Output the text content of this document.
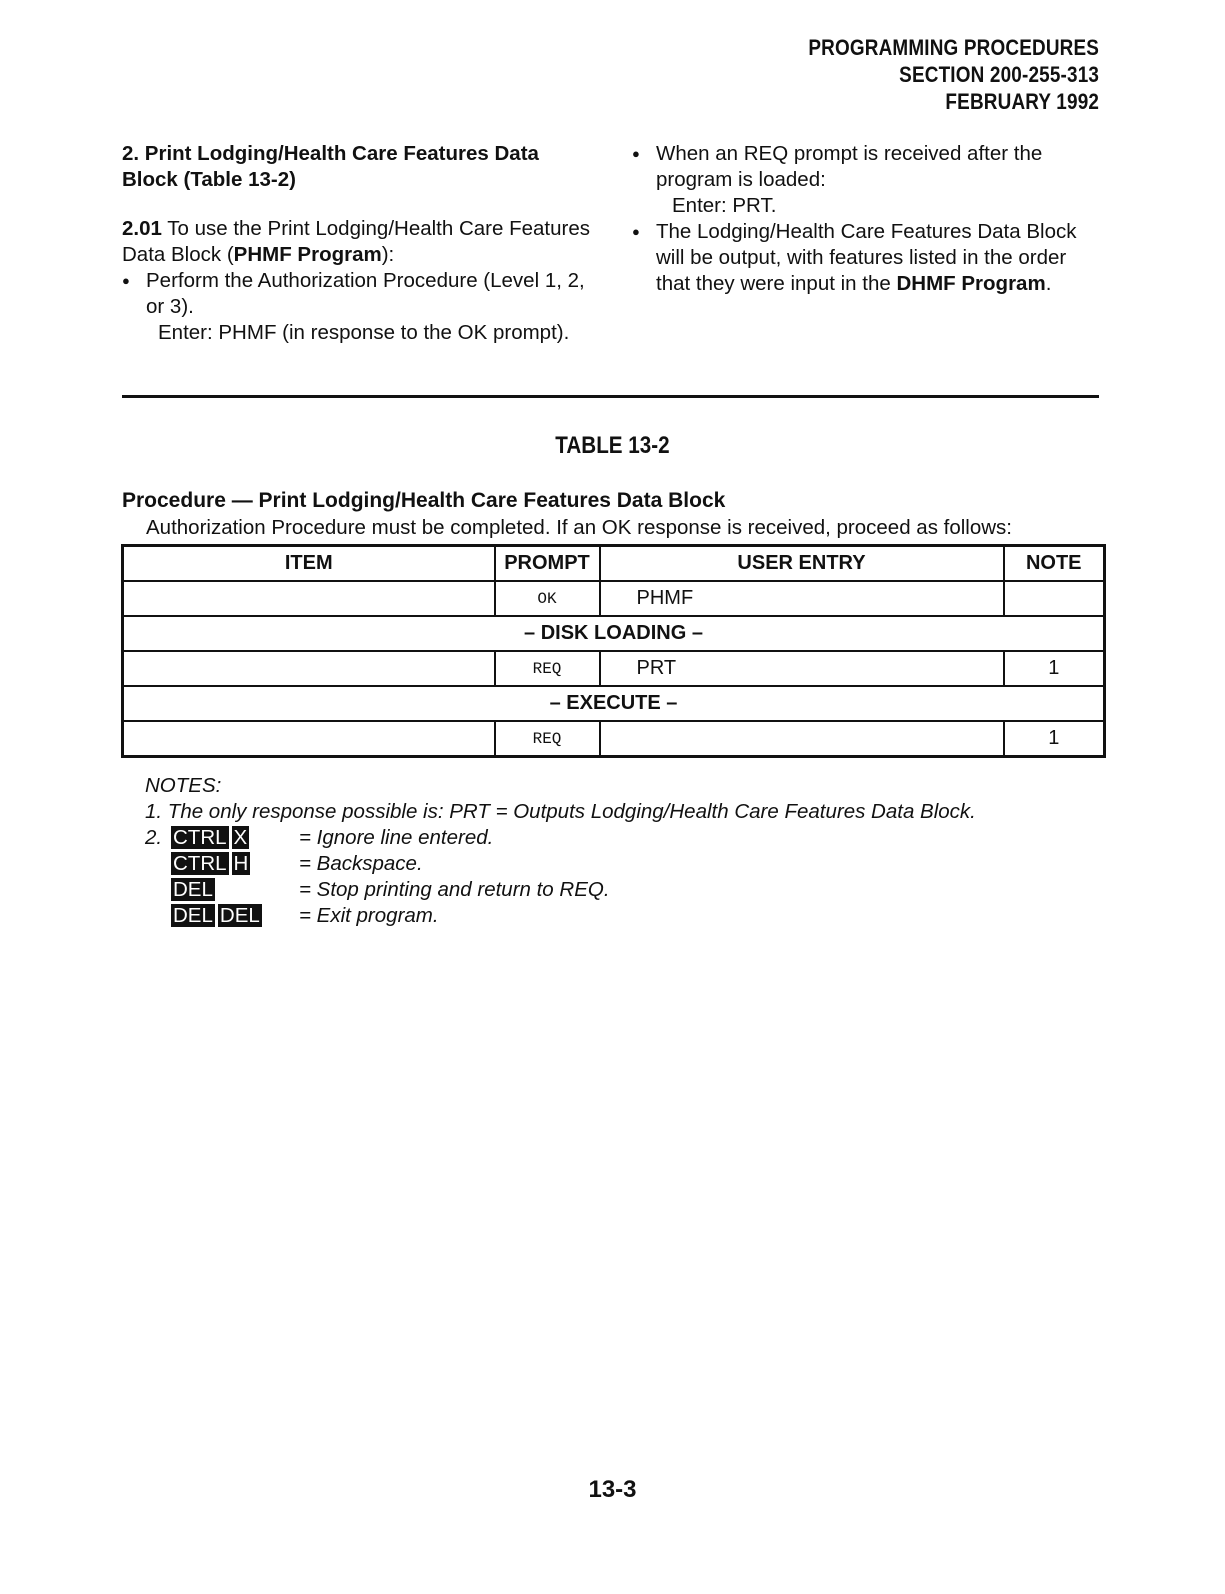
PROGRAMMING PROCEDURES
SECTION 200-255-313
FEBRUARY 1992

2. Print Lodging/Health Care Features Data Block (Table 13-2)

2.01 To use the Print Lodging/Health Care Features Data Block (PHMF Program):

● Perform the Authorization Procedure (Level 1, 2, or 3).
Enter: PHMF (in response to the OK prompt).
● When an REQ prompt is received after the program is loaded:
Enter: PRT.
● The Lodging/Health Care Features Data Block will be output, with features listed in the order that they were input in the DHMF Program.
TABLE 13-2
Procedure — Print Lodging/Health Care Features Data Block
Authorization Procedure must be completed. If an OK response is received, proceed as follows:
ITEM	PROMPT	USER ENTRY	NOTE
	OK	PHMF	
– DISK LOADING –			
	REQ	PRT	1
– EXECUTE –			
	REQ		1
NOTES:
1. The only response possible is: PRT = Outputs Lodging/Health Care Features Data Block.
2. CTRL X	= Ignore line entered.
CTRL H	= Backspace.
DEL	= Stop printing and return to REQ.
DEL DEL	= Exit program.
13-3
